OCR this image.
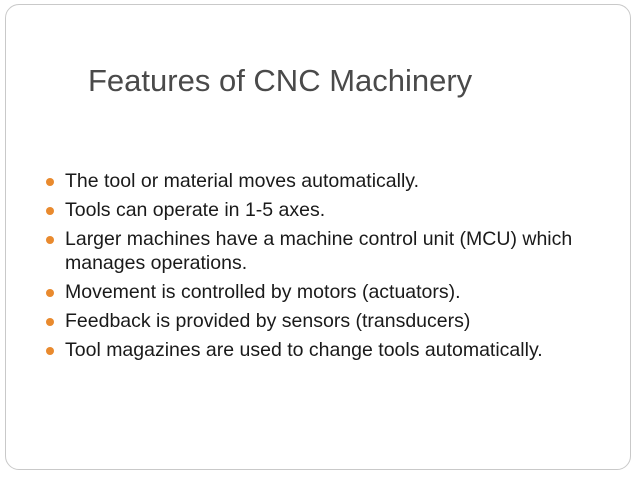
Features of CNC Machinery
The tool or material moves automatically.
Tools can operate in 1-5 axes.
Larger machines have a machine control unit (MCU) which manages operations.
Movement is controlled by motors (actuators).
Feedback is provided by sensors (transducers)
Tool magazines are used to change tools automatically.
